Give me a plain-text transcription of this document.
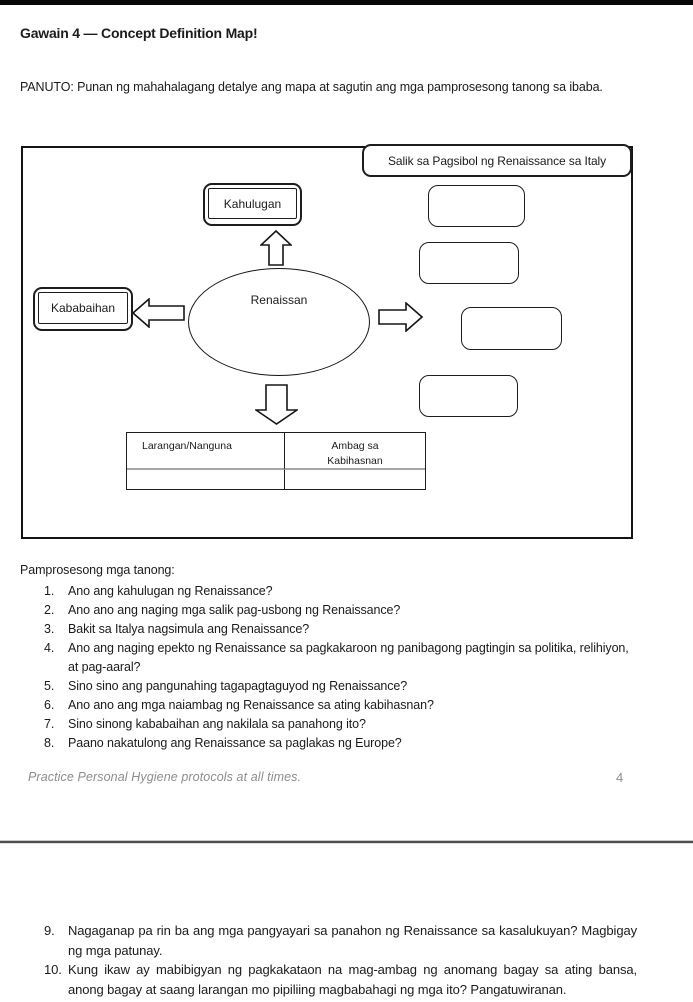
Gawain 4 — Concept Definition Map!
PANUTO: Punan ng mahahalagang detalye ang mapa at sagutin ang mga pamprosesong tanong sa ibaba.
Salik sa Pagsibol ng Renaissance sa Italy
Kahulugan
Kababaihan
Renaissan
Larangan/Nanguna	Ambag sa Kabihasnan
Pamprosesong mga tanong:
1.	Ano ang kahulugan ng Renaissance?
2.	Ano ano ang naging mga salik pag-usbong ng Renaissance?
3.	Bakit sa Italya nagsimula ang Renaissance?
4.	Ano ang naging epekto ng Renaissance sa pagkakaroon ng panibagong pagtingin sa politika, relihiyon, at pag-aaral?
5.	Sino sino ang pangunahing tagapagtaguyod ng Renaissance?
6.	Ano ano ang mga naiambag ng Renaissance sa ating kabihasnan?
7.	Sino sinong kababaihan ang nakilala sa panahong ito?
8.	Paano nakatulong ang Renaissance sa paglakas ng Europe?
Practice Personal Hygiene protocols at all times.	4
9.	Nagaganap pa rin ba ang mga pangyayari sa panahon ng Renaissance sa kasalukuyan? Magbigay ng mga patunay.
10. Kung ikaw ay mabibigyan ng pagkakataon na mag-ambag ng anomang bagay sa ating bansa, anong bagay at saang larangan mo pipiliing magbabahagi ng mga ito? Pangatuwiranan.
